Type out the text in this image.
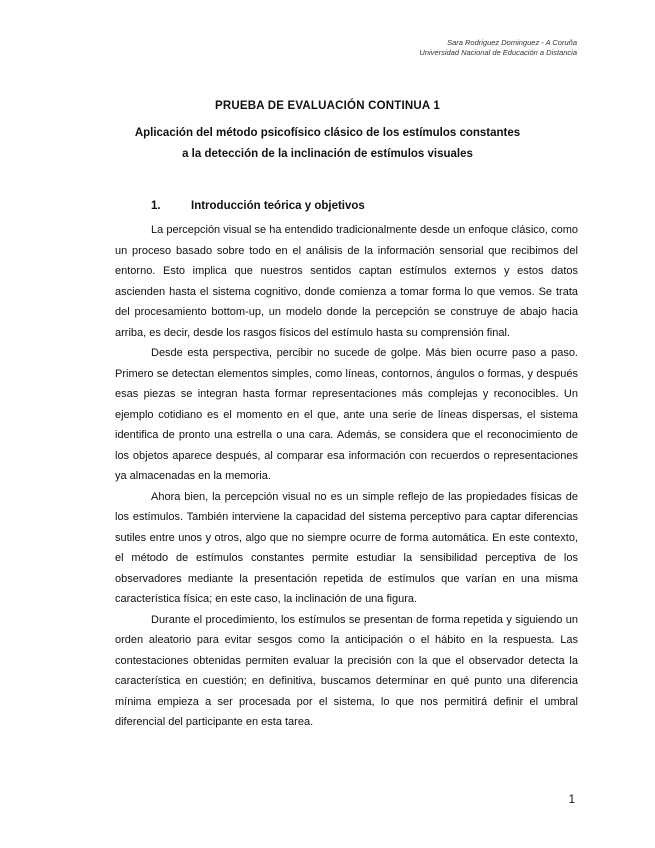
Sara Rodriguez Dominguez - A Coruña
Universidad Nacional de Educación a Distancia
PRUEBA DE EVALUACIÓN CONTINUA 1
Aplicación del método psicofísico clásico de los estímulos constantes
a la detección de la inclinación de estímulos visuales
1.	Introducción teórica y objetivos

La percepción visual se ha entendido tradicionalmente desde un enfoque clásico, como un proceso basado sobre todo en el análisis de la información sensorial que recibimos del entorno. Esto implica que nuestros sentidos captan estímulos externos y estos datos ascienden hasta el sistema cognitivo, donde comienza a tomar forma lo que vemos. Se trata del procesamiento bottom-up, un modelo donde la percepción se construye de abajo hacia arriba, es decir, desde los rasgos físicos del estímulo hasta su comprensión final.

Desde esta perspectiva, percibir no sucede de golpe. Más bien ocurre paso a paso. Primero se detectan elementos simples, como líneas, contornos, ángulos o formas, y después esas piezas se integran hasta formar representaciones más complejas y reconocibles. Un ejemplo cotidiano es el momento en el que, ante una serie de líneas dispersas, el sistema identifica de pronto una estrella o una cara. Además, se considera que el reconocimiento de los objetos aparece después, al comparar esa información con recuerdos o representaciones ya almacenadas en la memoria.

Ahora bien, la percepción visual no es un simple reflejo de las propiedades físicas de los estímulos. También interviene la capacidad del sistema perceptivo para captar diferencias sutiles entre unos y otros, algo que no siempre ocurre de forma automática. En este contexto, el método de estímulos constantes permite estudiar la sensibilidad perceptiva de los observadores mediante la presentación repetida de estímulos que varían en una misma característica física; en este caso, la inclinación de una figura.

Durante el procedimiento, los estímulos se presentan de forma repetida y siguiendo un orden aleatorio para evitar sesgos como la anticipación o el hábito en la respuesta. Las contestaciones obtenidas permiten evaluar la precisión con la que el observador detecta la característica en cuestión; en definitiva, buscamos determinar en qué punto una diferencia mínima empieza a ser procesada por el sistema, lo que nos permitirá definir el umbral diferencial del participante en esta tarea.

1
